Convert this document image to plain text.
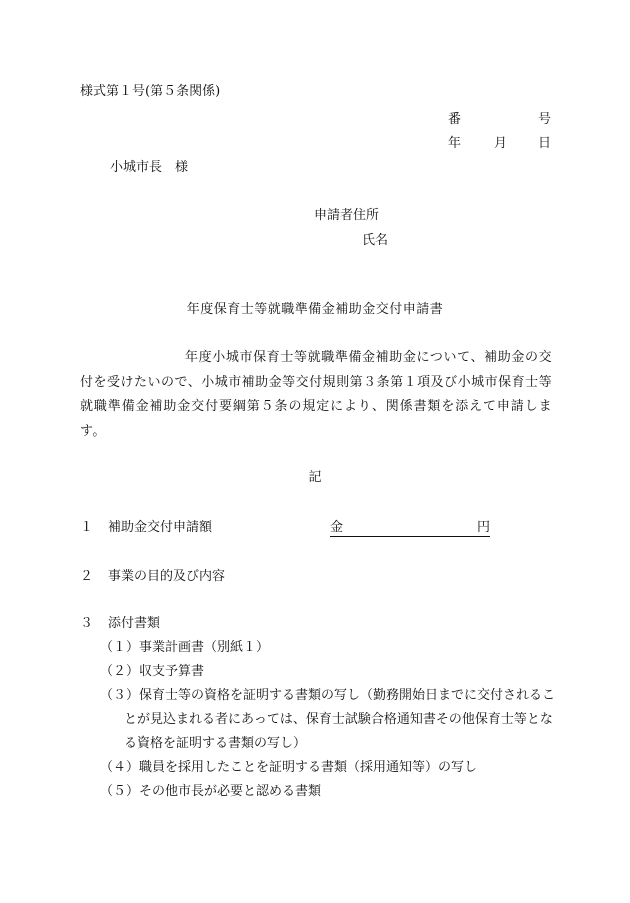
様式第１号(第５条関係)
番	号
年	月 日
小城市長　様
申請者住所
氏名
年度保育士等就職準備金補助金交付申請書
年度小城市保育士等就職準備金補助金について、補助金の交付を受けたいので、小城市補助金等交付規則第３条第１項及び小城市保育士等就職準備金補助金交付要綱第５条の規定により、関係書類を添えて申請します。
記
１ 補助金交付申請額	金	円
２ 事業の目的及び内容
３ 添付書類
（１）事業計画書（別紙１）
（２）収支予算書
（３）保育士等の資格を証明する書類の写し（勤務開始日までに交付されることが見込まれる者にあっては、保育士試験合格通知書その他保育士等となる資格を証明する書類の写し）
（４）職員を採用したことを証明する書類（採用通知等）の写し
（５）その他市長が必要と認める書類
